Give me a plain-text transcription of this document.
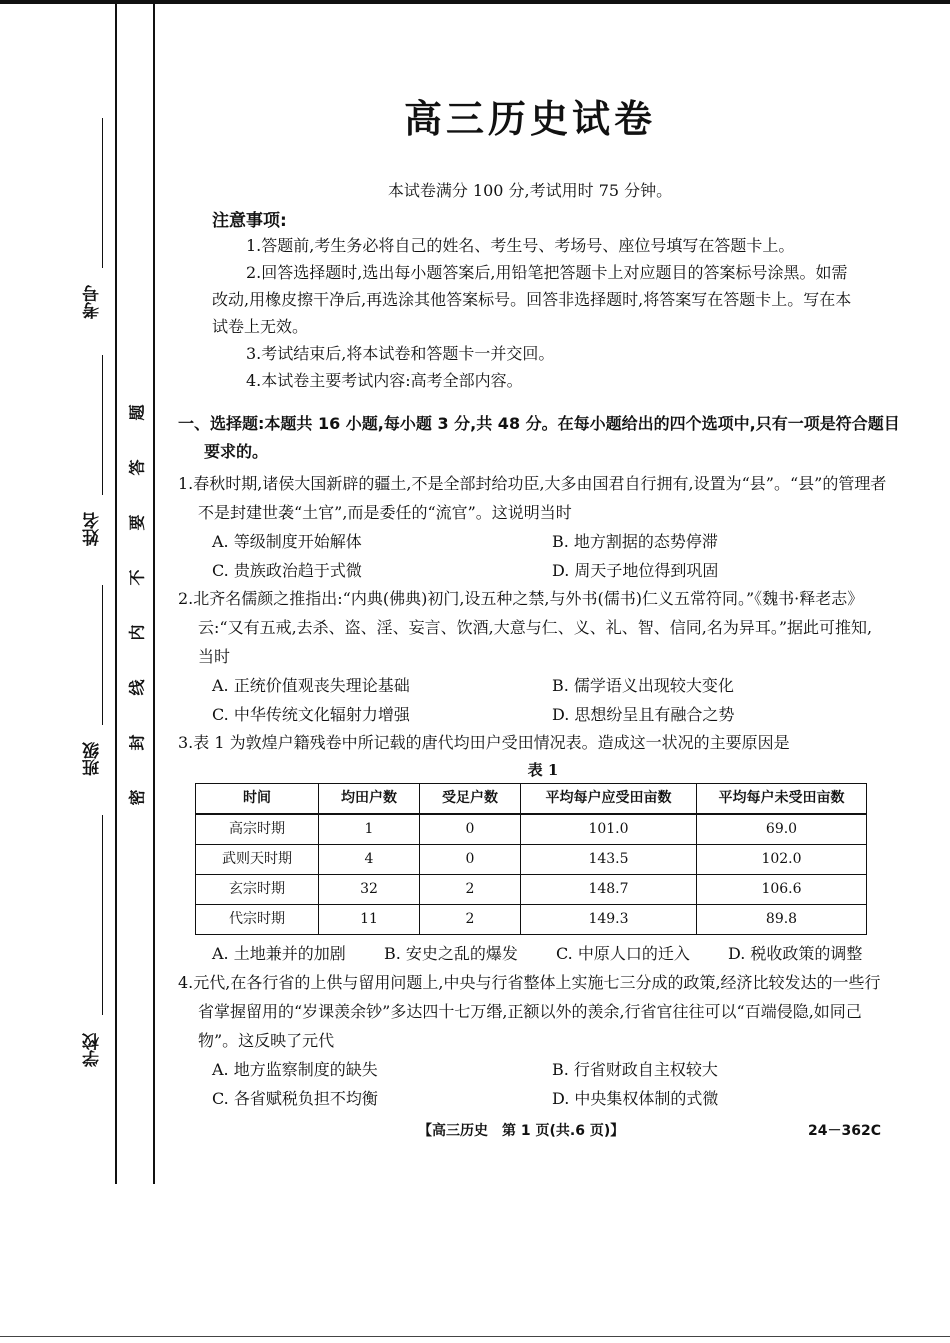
考号
姓名
班级
学校
题
答
要
不
内
线
封
密
高三历史试卷
本试卷满分 100 分,考试用时 75 分钟。
注意事项:

1.答题前,考生务必将自己的姓名、考生号、考场号、座位号填写在答题卡上。

2.回答选择题时,选出每小题答案后,用铅笔把答题卡上对应题目的答案标号涂黑。如需改动,用橡皮擦干净后,再选涂其他答案标号。回答非选择题时,将答案写在答题卡上。写在本试卷上无效。

3.考试结束后,将本试卷和答题卡一并交回。

4.本试卷主要考试内容:高考全部内容。

一、选择题:本题共 16 小题,每小题 3 分,共 48 分。在每小题给出的四个选项中,只有一项是符合题目要求的。
1.春秋时期,诸侯大国新辟的疆土,不是全部封给功臣,大多由国君自行拥有,设置为“县”。“县”的管理者不是封建世袭“土官”,而是委任的“流官”。这说明当时
A. 等级制度开始解体	B. 地方割据的态势停滞
C. 贵族政治趋于式微	D. 周天子地位得到巩固
2.北齐名儒颜之推指出:“内典(佛典)初门,设五种之禁,与外书(儒书)仁义五常符同。”《魏书·释老志》云:“又有五戒,去杀、盗、淫、妄言、饮酒,大意与仁、义、礼、智、信同,名为异耳。”据此可推知,当时
A. 正统价值观丧失理论基础	B. 儒学语义出现较大变化
C. 中华传统文化辐射力增强	D. 思想纷呈且有融合之势
3.表 1 为敦煌户籍残卷中所记载的唐代均田户受田情况表。造成这一状况的主要原因是
表 1
时间	均田户数	受足户数	平均每户应受田亩数	平均每户未受田亩数
高宗时期	1	0	101.0	69.0
武则天时期	4	0	143.5	102.0
玄宗时期	32	2	148.7	106.6
代宗时期	11	2	149.3	89.8
A. 土地兼并的加剧	B. 安史之乱的爆发	C. 中原人口的迁入	D. 税收政策的调整
4.元代,在各行省的上供与留用问题上,中央与行省整体上实施七三分成的政策,经济比较发达的一些行省掌握留用的“岁课羡余钞”多达四十七万缗,正额以外的羡余,行省官往往可以“百端侵隐,如同己物”。这反映了元代
A. 地方监察制度的缺失	B. 行省财政自主权较大
C. 各省赋税负担不均衡	D. 中央集权体制的式微
【高三历史　第 1 页(共.6 页)】	24－362C
